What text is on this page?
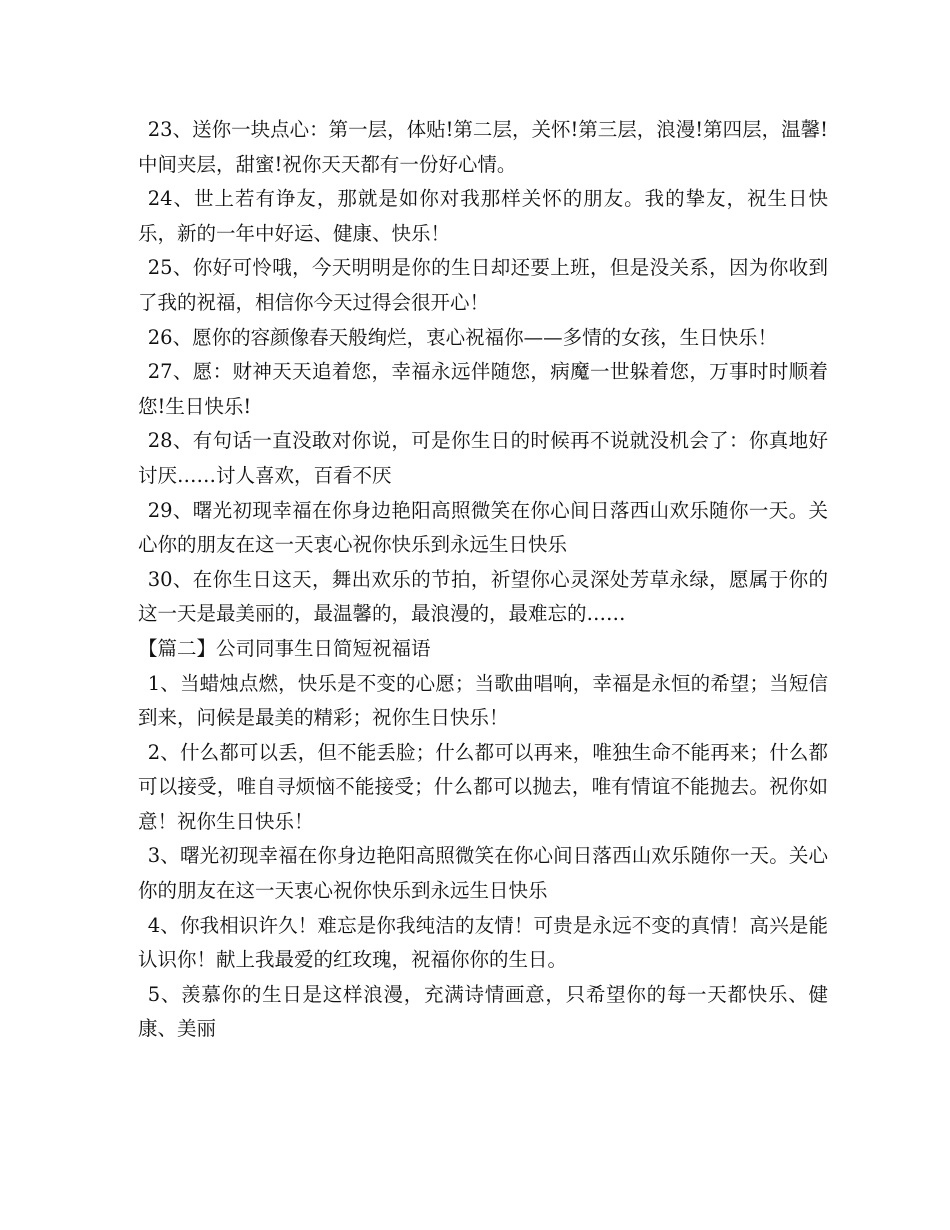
23、送你一块点心：第一层，体贴!第二层，关怀!第三层，浪漫!第四层，温馨!中间夹层，甜蜜!祝你天天都有一份好心情。

24、世上若有诤友，那就是如你对我那样关怀的朋友。我的挚友，祝生日快乐，新的一年中好运、健康、快乐！

25、你好可怜哦，今天明明是你的生日却还要上班，但是没关系，因为你收到了我的祝福，相信你今天过得会很开心！

26、愿你的容颜像春天般绚烂，衷心祝福你——多情的女孩，生日快乐！

27、愿：财神天天追着您，幸福永远伴随您，病魔一世躲着您，万事时时顺着您!生日快乐!

28、有句话一直没敢对你说，可是你生日的时候再不说就没机会了：你真地好讨厌……讨人喜欢，百看不厌

29、曙光初现幸福在你身边艳阳高照微笑在你心间日落西山欢乐随你一天。关心你的朋友在这一天衷心祝你快乐到永远生日快乐

30、在你生日这天，舞出欢乐的节拍，祈望你心灵深处芳草永绿，愿属于你的这一天是最美丽的，最温馨的，最浪漫的，最难忘的……

【篇二】公司同事生日简短祝福语

1、当蜡烛点燃，快乐是不变的心愿；当歌曲唱响，幸福是永恒的希望；当短信到来，问候是最美的精彩；祝你生日快乐！

2、什么都可以丢，但不能丢脸；什么都可以再来，唯独生命不能再来；什么都可以接受，唯自寻烦恼不能接受；什么都可以抛去，唯有情谊不能抛去。祝你如意！祝你生日快乐！

3、曙光初现幸福在你身边艳阳高照微笑在你心间日落西山欢乐随你一天。关心你的朋友在这一天衷心祝你快乐到永远生日快乐

4、你我相识许久！难忘是你我纯洁的友情！可贵是永远不变的真情！高兴是能认识你！献上我最爱的红玫瑰，祝福你你的生日。

5、羡慕你的生日是这样浪漫，充满诗情画意，只希望你的每一天都快乐、健康、美丽
